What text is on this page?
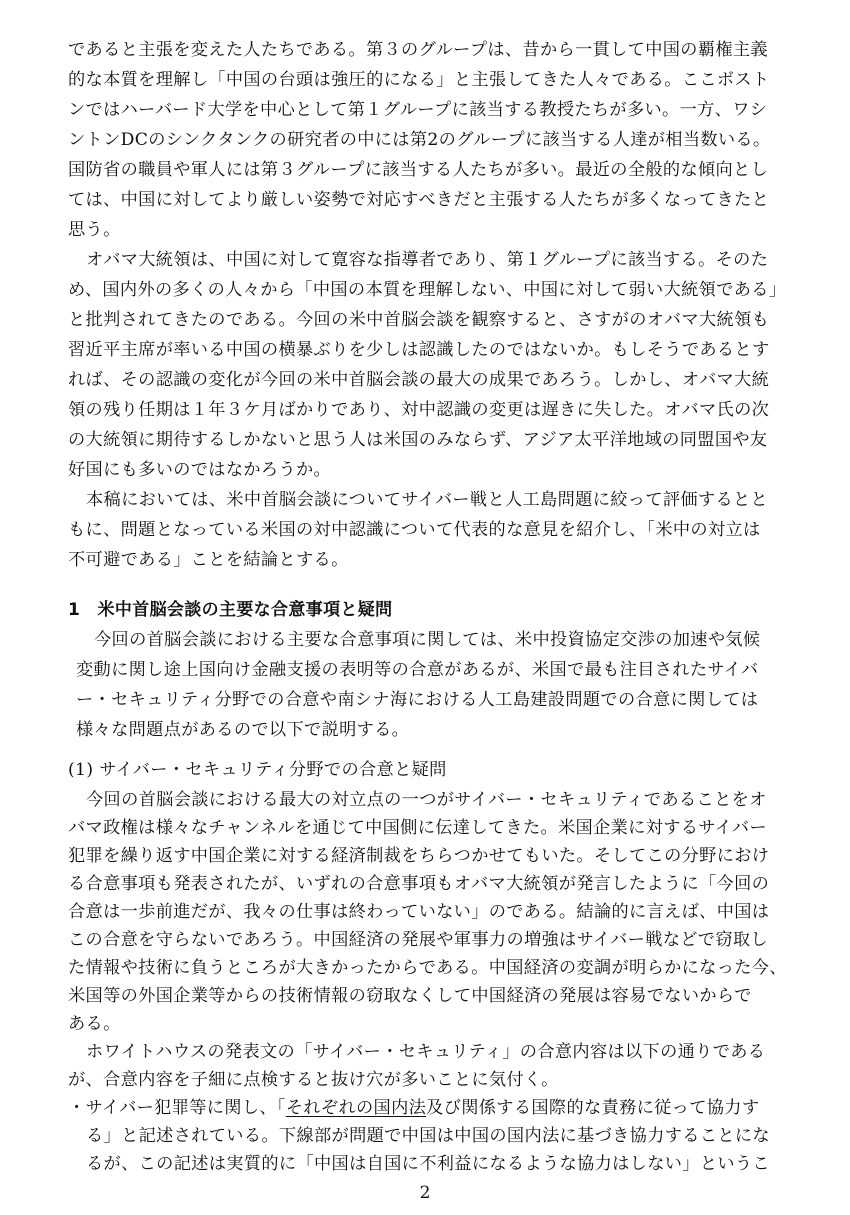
であると主張を変えた人たちである。第３のグループは、昔から一貫して中国の覇権主義
的な本質を理解し「中国の台頭は強圧的になる」と主張してきた人々である。ここボスト
ンではハーバード大学を中心として第１グループに該当する教授たちが多い。一方、ワシ
ントンDCのシンクタンクの研究者の中には第2のグループに該当する人達が相当数いる。
国防省の職員や軍人には第３グループに該当する人たちが多い。最近の全般的な傾向とし
ては、中国に対してより厳しい姿勢で対応すべきだと主張する人たちが多くなってきたと
思う。
オバマ大統領は、中国に対して寛容な指導者であり、第１グループに該当する。そのた
め、国内外の多くの人々から「中国の本質を理解しない、中国に対して弱い大統領である」
と批判されてきたのである。今回の米中首脳会談を観察すると、さすがのオバマ大統領も
習近平主席が率いる中国の横暴ぶりを少しは認識したのではないか。もしそうであるとす
れば、その認識の変化が今回の米中首脳会談の最大の成果であろう。しかし、オバマ大統
領の残り任期は１年３ケ月ばかりであり、対中認識の変更は遅きに失した。オバマ氏の次
の大統領に期待するしかないと思う人は米国のみならず、アジア太平洋地域の同盟国や友
好国にも多いのではなかろうか。
本稿においては、米中首脳会談についてサイバー戦と人工島問題に絞って評価するとと
もに、問題となっている米国の対中認識について代表的な意見を紹介し、「米中の対立は
不可避である」ことを結論とする。
1　米中首脳会談の主要な合意事項と疑問
今回の首脳会談における主要な合意事項に関しては、米中投資協定交渉の加速や気候
変動に関し途上国向け金融支援の表明等の合意があるが、米国で最も注目されたサイバ
ー・セキュリティ分野での合意や南シナ海における人工島建設問題での合意に関しては
様々な問題点があるので以下で説明する。
(1) サイバー・セキュリティ分野での合意と疑問
今回の首脳会談における最大の対立点の一つがサイバー・セキュリティであることをオ
バマ政権は様々なチャンネルを通じて中国側に伝達してきた。米国企業に対するサイバー
犯罪を繰り返す中国企業に対する経済制裁をちらつかせてもいた。そしてこの分野におけ
る合意事項も発表されたが、いずれの合意事項もオバマ大統領が発言したように「今回の
合意は一歩前進だが、我々の仕事は終わっていない」のである。結論的に言えば、中国は
この合意を守らないであろう。中国経済の発展や軍事力の増強はサイバー戦などで窃取し
た情報や技術に負うところが大きかったからである。中国経済の変調が明らかになった今、
米国等の外国企業等からの技術情報の窃取なくして中国経済の発展は容易でないからで
ある。
ホワイトハウスの発表文の「サイバー・セキュリティ」の合意内容は以下の通りである
が、合意内容を子細に点検すると抜け穴が多いことに気付く。
・サイバー犯罪等に関し、「それぞれの国内法及び関係する国際的な責務に従って協力す
る」と記述されている。下線部が問題で中国は中国の国内法に基づき協力することにな
2
るが、この記述は実質的に「中国は自国に不利益になるような協力はしない」というこ
